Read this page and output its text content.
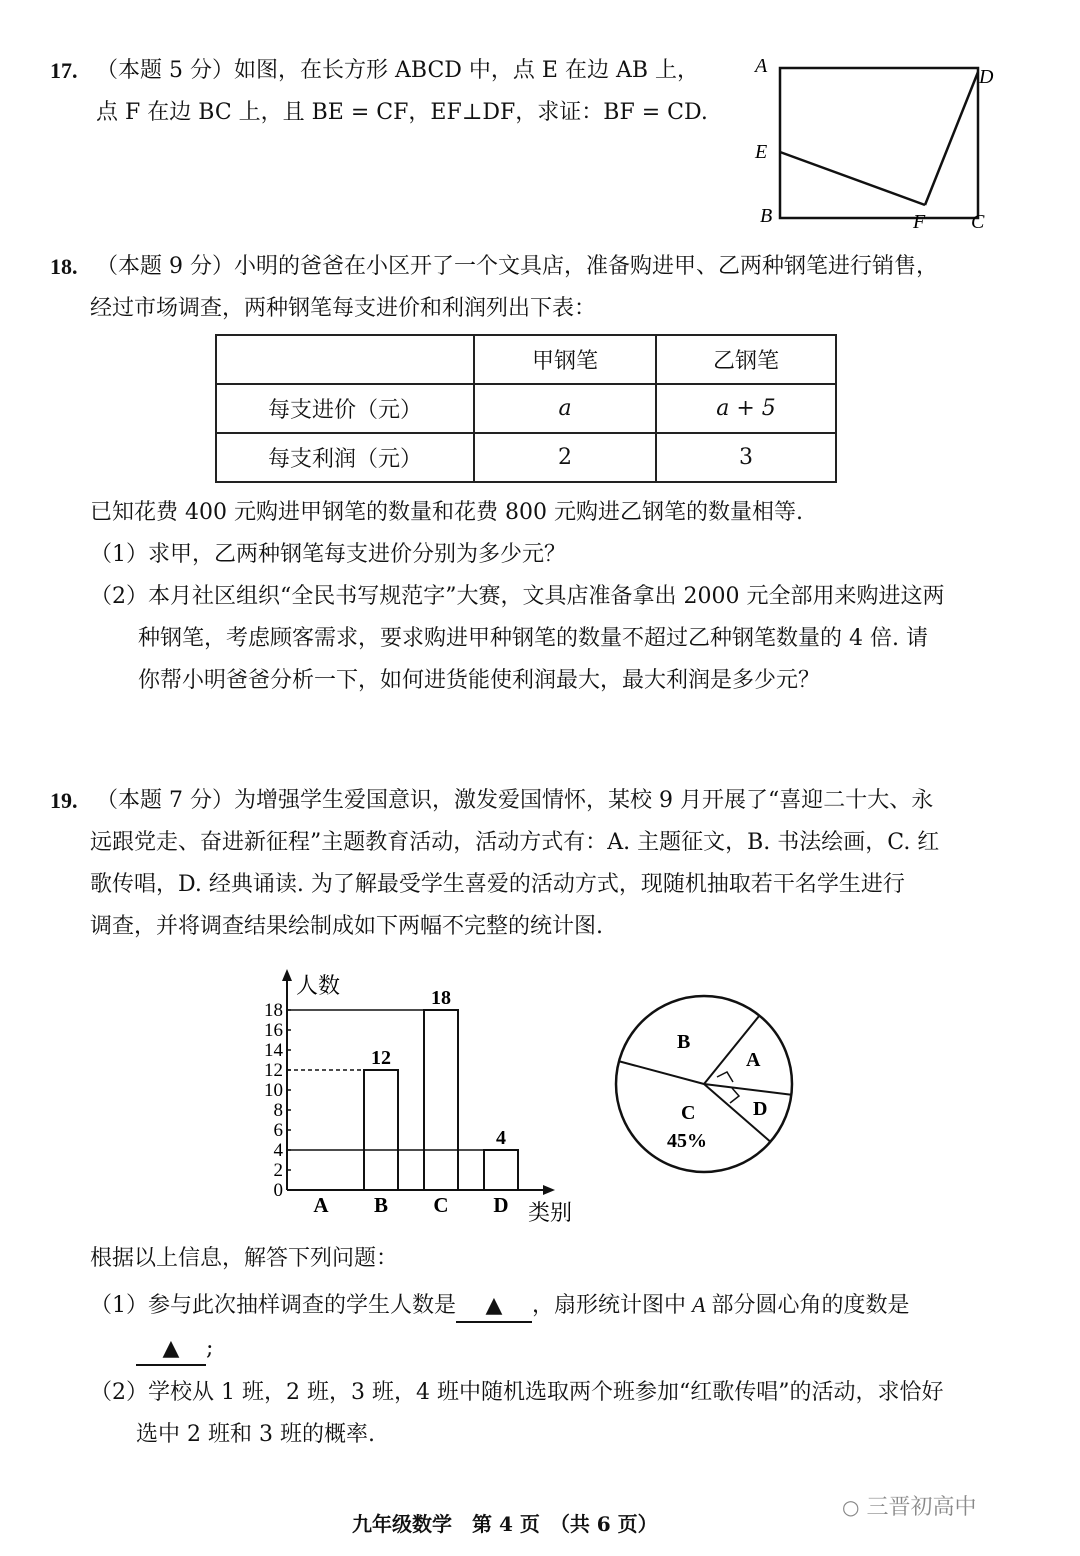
17. （本题 5 分）如图，在长方形 ABCD 中，点 E 在边 AB 上，
点 F 在边 BC 上，且 BE = CF，EF⊥DF，求证：BF = CD.
A	D
E
B	F C
18. （本题 9 分）小明的爸爸在小区开了一个文具店，准备购进甲、乙两种钢笔进行销售，
经过市场调查，两种钢笔每支进价和利润列出下表：
	甲钢笔	乙钢笔
每支进价（元）	a	a + 5
每支利润（元）	2	3
已知花费 400 元购进甲钢笔的数量和花费 800 元购进乙钢笔的数量相等.
（1）求甲，乙两种钢笔每支进价分别为多少元？
（2）本月社区组织“全民书写规范字”大赛，文具店准备拿出 2000 元全部用来购进这两
种钢笔，考虑顾客需求，要求购进甲种钢笔的数量不超过乙种钢笔数量的 4 倍. 请
你帮小明爸爸分析一下，如何进货能使利润最大，最大利润是多少元？
19. （本题 7 分）为增强学生爱国意识，激发爱国情怀，某校 9 月开展了“喜迎二十大、永
远跟党走、奋进新征程”主题教育活动，活动方式有：A. 主题征文，B. 书法绘画，C. 红
歌传唱，D. 经典诵读. 为了解最受学生喜爱的活动方式，现随机抽取若干名学生进行
调查，并将调查结果绘制成如下两幅不完整的统计图.
0
2
4
6
8
10
12
14
16
18
A B
12
C
18
D
4
人数
类别
B
A
D
C
45%
根据以上信息，解答下列问题：
（1）参与此次抽样调查的学生人数是 ▲ ，扇形统计图中 A 部分圆心角的度数是
▲ ;
（2）学校从 1 班，2 班，3 班，4 班中随机选取两个班参加“红歌传唱”的活动，求恰好
选中 2 班和 3 班的概率.
九年级数学　第 4 页　（共 6 页）
○ 三晋初高中
